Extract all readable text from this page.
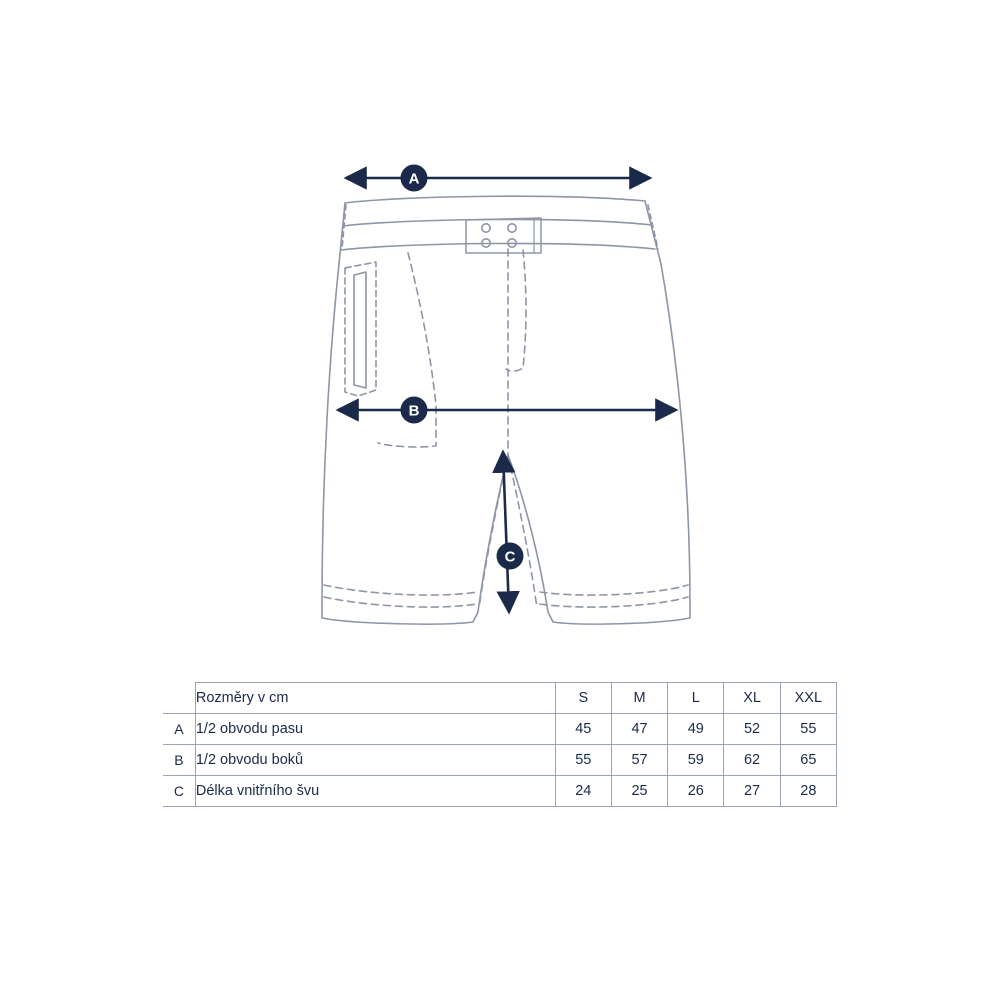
A
B
C
	Rozměry v cm	S	M	L	XL	XXL
A	1/2 obvodu pasu	45	47	49	52	55
B	1/2 obvodu boků	55	57	59	62	65
C	Délka vnitřního švu	24	25	26	27	28
